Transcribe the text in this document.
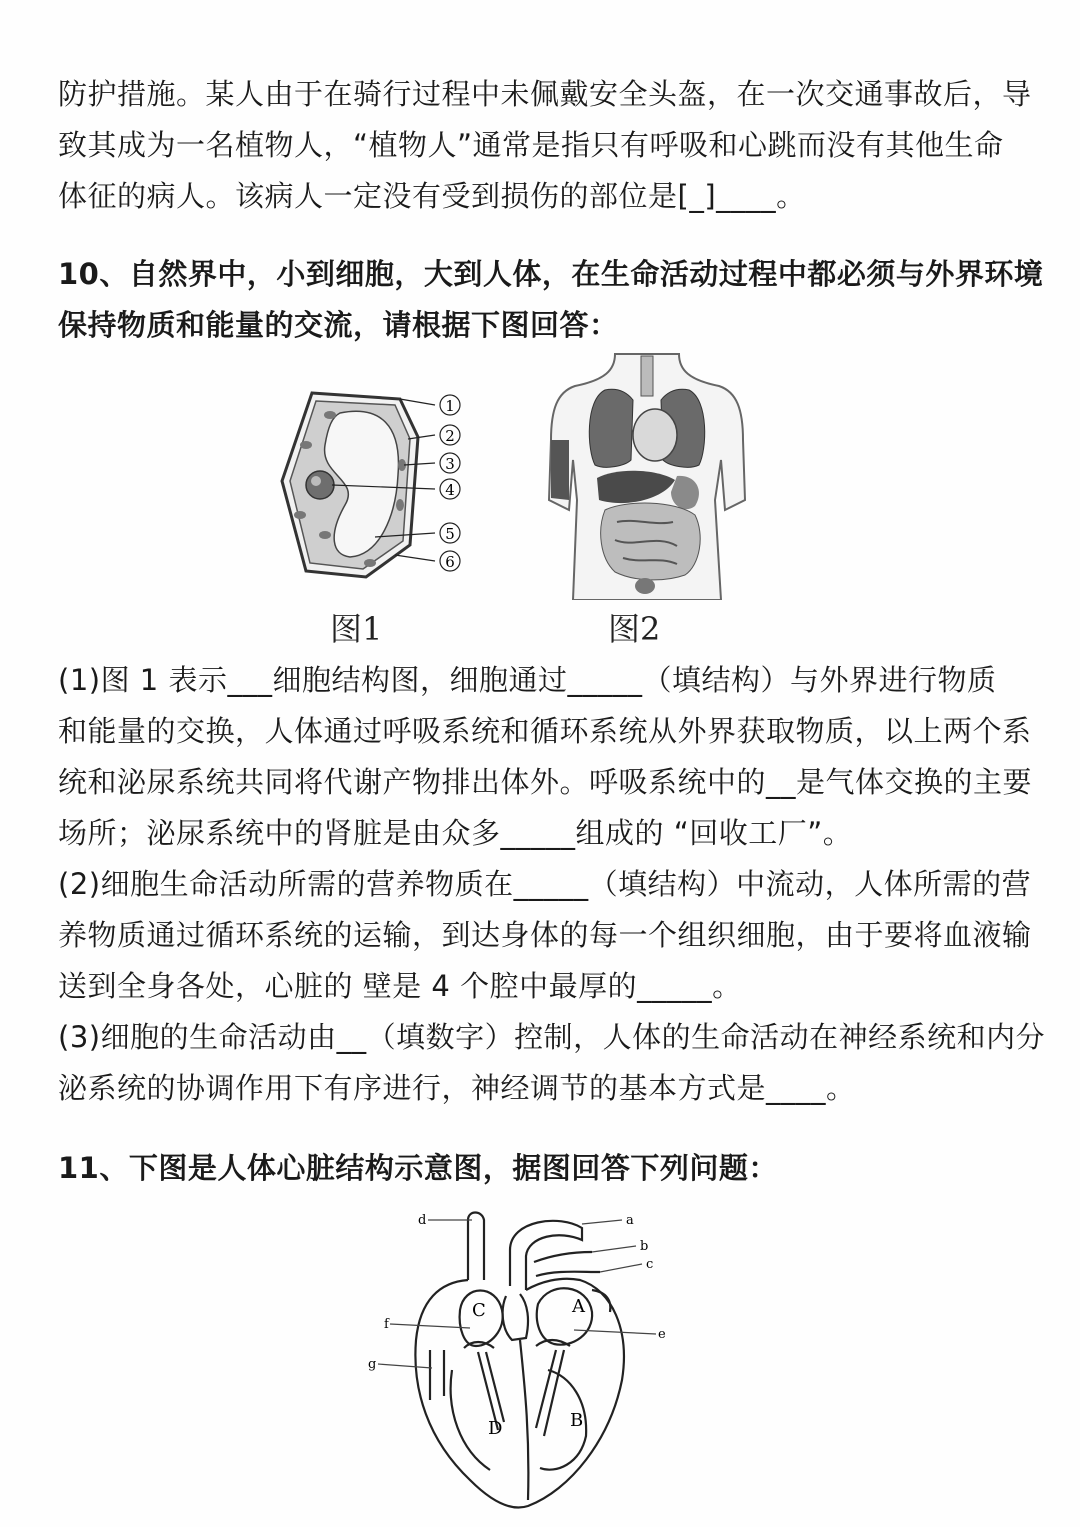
防护措施。某人由于在骑行过程中未佩戴安全头盔，在一次交通事故后，导
致其成为一名植物人，“植物人”通常是指只有呼吸和心跳而没有其他生命
体征的病人。该病人一定没有受到损伤的部位是[_]____。
10、自然界中，小到细胞，大到人体，在生命活动过程中都必须与外界环境
保持物质和能量的交流，请根据下图回答：
1
2
3
4
5
6
图1	图2
(1)图 1 表示___细胞结构图，细胞通过_____（填结构）与外界进行物质
和能量的交换，人体通过呼吸系统和循环系统从外界获取物质，以上两个系
统和泌尿系统共同将代谢产物排出体外。呼吸系统中的__是气体交换的主要
场所；泌尿系统中的肾脏是由众多_____组成的 “回收工厂”。
(2)细胞生命活动所需的营养物质在_____（填结构）中流动，人体所需的营
养物质通过循环系统的运输，到达身体的每一个组织细胞，由于要将血液输
送到全身各处，心脏的 壁是 4 个腔中最厚的_____。
(3)细胞的生命活动由__（填数字）控制，人体的生命活动在神经系统和内分
泌系统的协调作用下有序进行，神经调节的基本方式是____。
11、下图是人体心脏结构示意图，据图回答下列问题：
d	a
b
c
f
e
g
A
B
C
D
